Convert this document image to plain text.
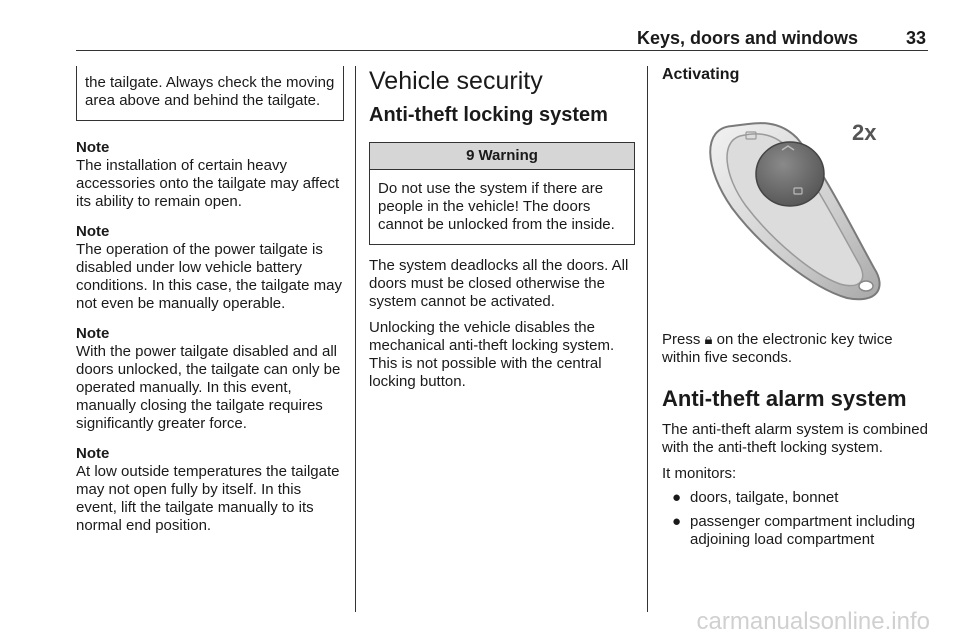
Keys, doors and windows	33
the tailgate. Always check the moving area above and behind the tailgate.
Note
The installation of certain heavy accessories onto the tailgate may affect its ability to remain open.
Note
The operation of the power tailgate is disabled under low vehicle battery conditions. In this case, the tailgate may not even be manually operable.
Note
With the power tailgate disabled and all doors unlocked, the tailgate can only be operated manually. In this event, manually closing the tailgate requires significantly greater force.
Note
At low outside temperatures the tailgate may not open fully by itself. In this event, lift the tailgate manually to its normal end position.
Vehicle security
Anti-theft locking system
9 Warning
Do not use the system if there are people in the vehicle! The doors cannot be unlocked from the inside.

The system deadlocks all the doors. All doors must be closed otherwise the system cannot be activated.

Unlocking the vehicle disables the mechanical anti-theft locking system. This is not possible with the central locking button.

Activating
2x

Press 🔒︎ on the electronic key twice within five seconds.

Anti-theft alarm system

The anti-theft alarm system is combined with the anti-theft locking system.

It monitors:
● doors, tailgate, bonnet
● passenger compartment including adjoining load compartment
carmanualsonline.info
